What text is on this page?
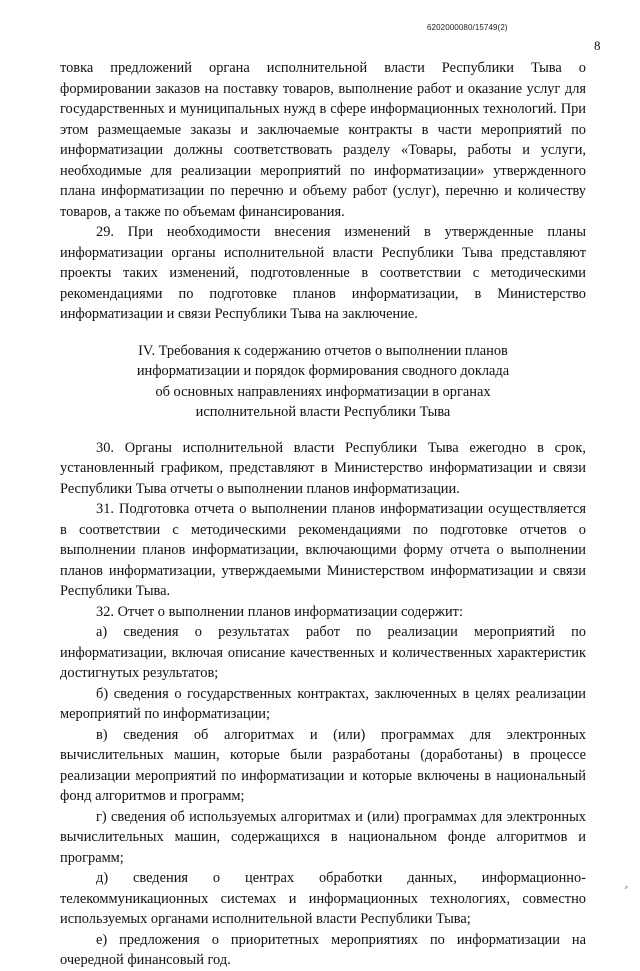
6202000080/15749(2)
8

товка предложений органа исполнительной власти Республики Тыва о формировании заказов на поставку товаров, выполнение работ и оказание услуг для государственных и муниципальных нужд в сфере информационных технологий. При этом размещаемые заказы и заключаемые контракты в части мероприятий по информатизации должны соответствовать разделу «Товары, работы и услуги, необходимые для реализации мероприятий по информатизации» утвержденного плана информатизации по перечню и объему работ (услуг), перечню и количеству товаров, а также по объемам финансирования.

29. При необходимости внесения изменений в утвержденные планы информатизации органы исполнительной власти Республики Тыва представляют проекты таких изменений, подготовленные в соответствии с методическими рекомендациями по подготовке планов информатизации, в Министерство информатизации и связи Республики Тыва на заключение.

IV. Требования к содержанию отчетов о выполнении планов
информатизации и порядок формирования сводного доклада
об основных направлениях информатизации в органах
исполнительной власти Республики Тыва

30. Органы исполнительной власти Республики Тыва ежегодно в срок, установленный графиком, представляют в Министерство информатизации и связи Республики Тыва отчеты о выполнении планов информатизации.

31. Подготовка отчета о выполнении планов информатизации осуществляется в соответствии с методическими рекомендациями по подготовке отчетов о выполнении планов информатизации, включающими форму отчета о выполнении планов информатизации, утверждаемыми Министерством информатизации и связи Республики Тыва.

32. Отчет о выполнении планов информатизации содержит:

а) сведения о результатах работ по реализации мероприятий по информатизации, включая описание качественных и количественных характеристик достигнутых результатов;

б) сведения о государственных контрактах, заключенных в целях реализации мероприятий по информатизации;

в) сведения об алгоритмах и (или) программах для электронных вычислительных машин, которые были разработаны (доработаны) в процессе реализации мероприятий по информатизации и которые включены в национальный фонд алгоритмов и программ;

г) сведения об используемых алгоритмах и (или) программах для электронных вычислительных машин, содержащихся в национальном фонде алгоритмов и программ;

д) сведения о центрах обработки данных, информационно-телекоммуникационных системах и информационных технологиях, совместно используемых органами исполнительной власти Республики Тыва;

е) предложения о приоритетных мероприятиях по информатизации на очередной финансовый год.

⸗
